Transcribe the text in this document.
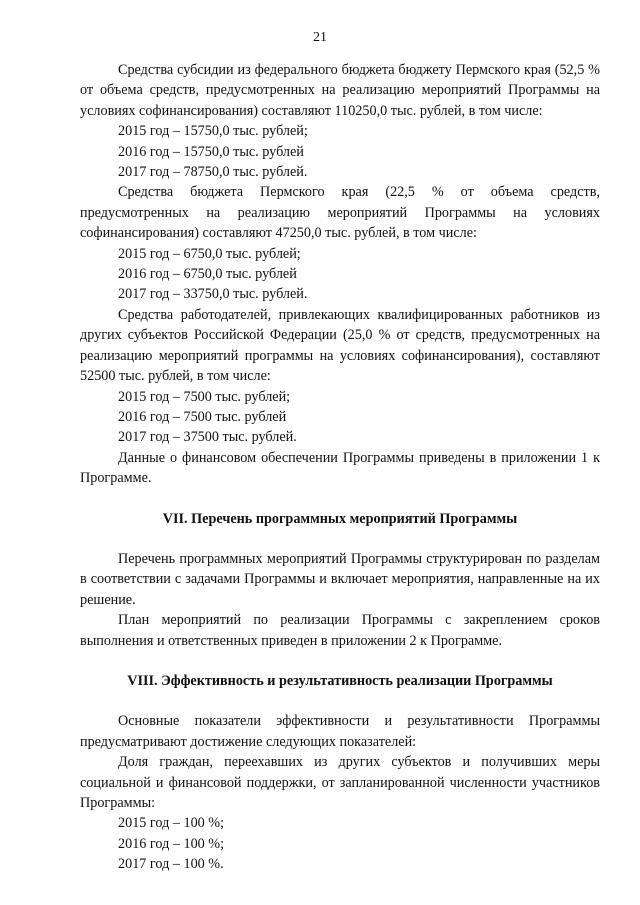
21

Средства субсидии из федерального бюджета бюджету Пермского края (52,5 % от объема средств, предусмотренных на реализацию мероприятий Программы на условиях софинансирования) составляют 110250,0 тыс. рублей, в том числе:

2015 год – 15750,0 тыс. рублей;

2016 год – 15750,0 тыс. рублей

2017 год – 78750,0 тыс. рублей.

Средства бюджета Пермского края (22,5 % от объема средств, предусмотренных на реализацию мероприятий Программы на условиях софинансирования) составляют 47250,0 тыс. рублей, в том числе:

2015 год – 6750,0 тыс. рублей;

2016 год – 6750,0 тыс. рублей

2017 год – 33750,0 тыс. рублей.

Средства работодателей, привлекающих квалифицированных работников из других субъектов Российской Федерации (25,0 % от средств, предусмотренных на реализацию мероприятий программы на условиях софинансирования), составляют 52500 тыс. рублей, в том числе:

2015 год – 7500 тыс. рублей;

2016 год – 7500 тыс. рублей

2017 год – 37500 тыс. рублей.

Данные о финансовом обеспечении Программы приведены в приложении 1 к Программе.

VII. Перечень программных мероприятий Программы

Перечень программных мероприятий Программы структурирован по разделам в соответствии с задачами Программы и включает мероприятия, направленные на их решение.

План мероприятий по реализации Программы с закреплением сроков выполнения и ответственных приведен в приложении 2 к Программе.

VIII. Эффективность и результативность реализации Программы

Основные показатели эффективности и результативности Программы предусматривают достижение следующих показателей:

Доля граждан, переехавших из других субъектов и получивших меры социальной и финансовой поддержки, от запланированной численности участников Программы:

2015 год – 100 %;

2016 год – 100 %;

2017 год – 100 %.
